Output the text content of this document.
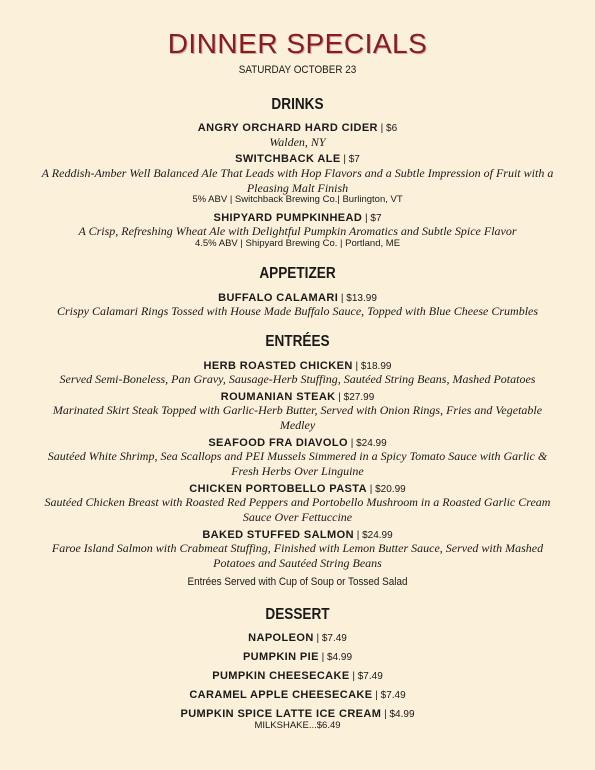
DINNER SPECIALS
SATURDAY OCTOBER 23
DRINKS
ANGRY ORCHARD HARD CIDER | $6
Walden, NY
SWITCHBACK ALE | $7
A Reddish-Amber Well Balanced Ale That Leads with Hop Flavors and a Subtle Impression of Fruit with a Pleasing Malt Finish
5% ABV | Switchback Brewing Co.| Burlington, VT
SHIPYARD PUMPKINHEAD | $7
A Crisp, Refreshing Wheat Ale with Delightful Pumpkin Aromatics and Subtle Spice Flavor
4.5% ABV | Shipyard Brewing Co. | Portland, ME
APPETIZER
BUFFALO CALAMARI | $13.99
Crispy Calamari Rings Tossed with House Made Buffalo Sauce, Topped with Blue Cheese Crumbles
ENTRÉES
HERB ROASTED CHICKEN | $18.99
Served Semi-Boneless, Pan Gravy, Sausage-Herb Stuffing, Sautéed String Beans, Mashed Potatoes
ROUMANIAN STEAK | $27.99
Marinated Skirt Steak Topped with Garlic-Herb Butter, Served with Onion Rings, Fries and Vegetable Medley
SEAFOOD FRA DIAVOLO | $24.99
Sautéed White Shrimp, Sea Scallops and PEI Mussels Simmered in a Spicy Tomato Sauce with Garlic & Fresh Herbs Over Linguine
CHICKEN PORTOBELLO PASTA | $20.99
Sautéed Chicken Breast with Roasted Red Peppers and Portobello Mushroom in a Roasted Garlic Cream Sauce Over Fettuccine
BAKED STUFFED SALMON | $24.99
Faroe Island Salmon with Crabmeat Stuffing, Finished with Lemon Butter Sauce, Served with Mashed Potatoes and Sautéed String Beans
Entrées Served with Cup of Soup or Tossed Salad
DESSERT
NAPOLEON | $7.49
PUMPKIN PIE | $4.99
PUMPKIN CHEESECAKE | $7.49
CARAMEL APPLE CHEESECAKE | $7.49
PUMPKIN SPICE LATTE ICE CREAM | $4.99
MILKSHAKE...$6.49
